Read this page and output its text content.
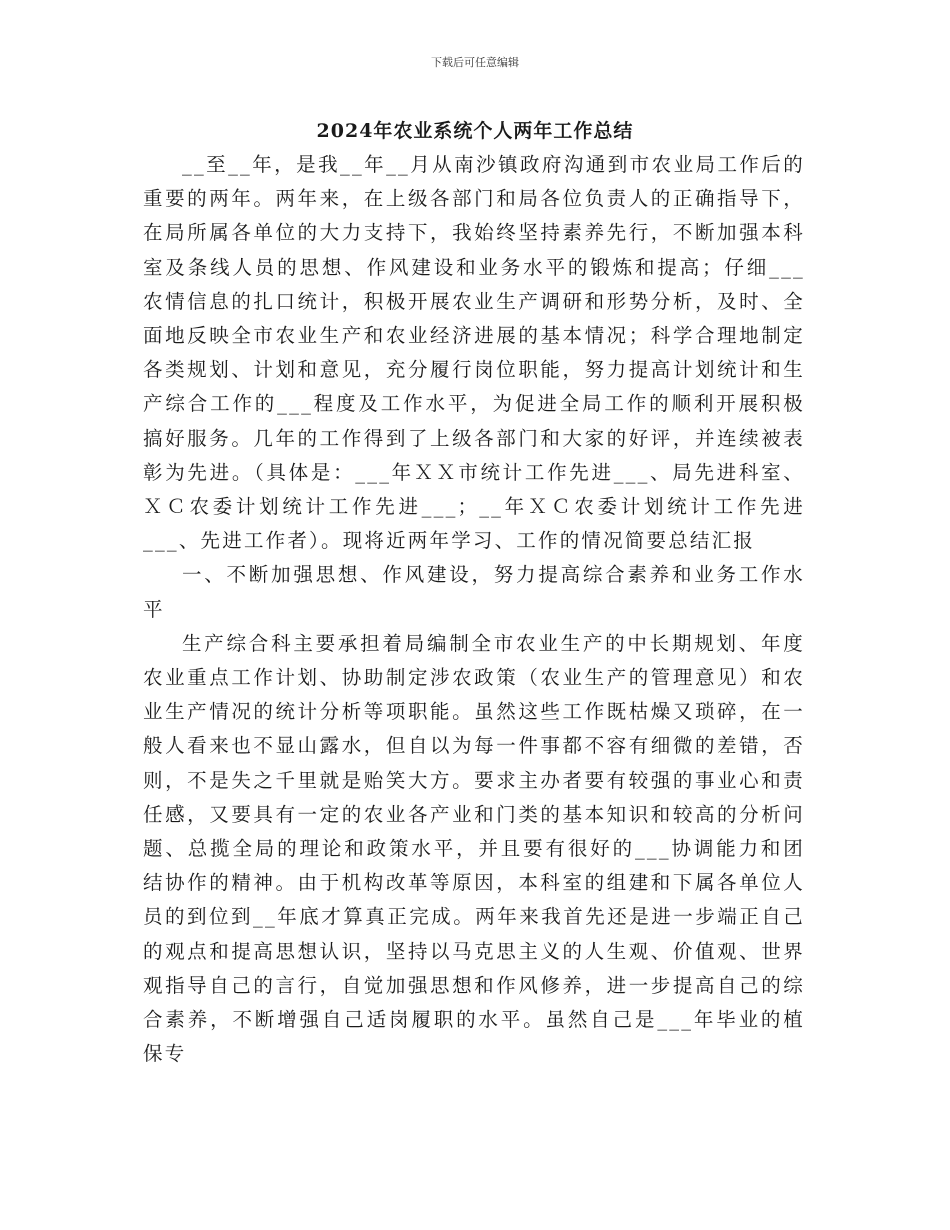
下载后可任意编辑
2024年农业系统个人两年工作总结

__至__年，是我__年__月从南沙镇政府沟通到市农业局工作后的重要的两年。两年来，在上级各部门和局各位负责人的正确指导下，在局所属各单位的大力支持下，我始终坚持素养先行，不断加强本科室及条线人员的思想、作风建设和业务水平的锻炼和提高；仔细___农情信息的扎口统计，积极开展农业生产调研和形势分析，及时、全面地反映全市农业生产和农业经济进展的基本情况；科学合理地制定各类规划、计划和意见，充分履行岗位职能，努力提高计划统计和生产综合工作的___程度及工作水平，为促进全局工作的顺利开展积极搞好服务。几年的工作得到了上级各部门和大家的好评，并连续被表彰为先进。（具体是：___年ＸＸ市统计工作先进___、局先进科室、ＸＣ农委计划统计工作先进___；__年ＸＣ农委计划统计工作先进___、先进工作者）。现将近两年学习、工作的情况简要总结汇报

一、不断加强思想、作风建设，努力提高综合素养和业务工作水平

生产综合科主要承担着局编制全市农业生产的中长期规划、年度农业重点工作计划、协助制定涉农政策（农业生产的管理意见）和农业生产情况的统计分析等项职能。虽然这些工作既枯燥又琐碎，在一般人看来也不显山露水，但自以为每一件事都不容有细微的差错，否则，不是失之千里就是贻笑大方。要求主办者要有较强的事业心和责任感，又要具有一定的农业各产业和门类的基本知识和较高的分析问题、总揽全局的理论和政策水平，并且要有很好的___协调能力和团结协作的精神。由于机构改革等原因，本科室的组建和下属各单位人员的到位到__年底才算真正完成。两年来我首先还是进一步端正自己的观点和提高思想认识，坚持以马克思主义的人生观、价值观、世界观指导自己的言行，自觉加强思想和作风修养，进一步提高自己的综合素养，不断增强自己适岗履职的水平。虽然自己是___年毕业的植保专
